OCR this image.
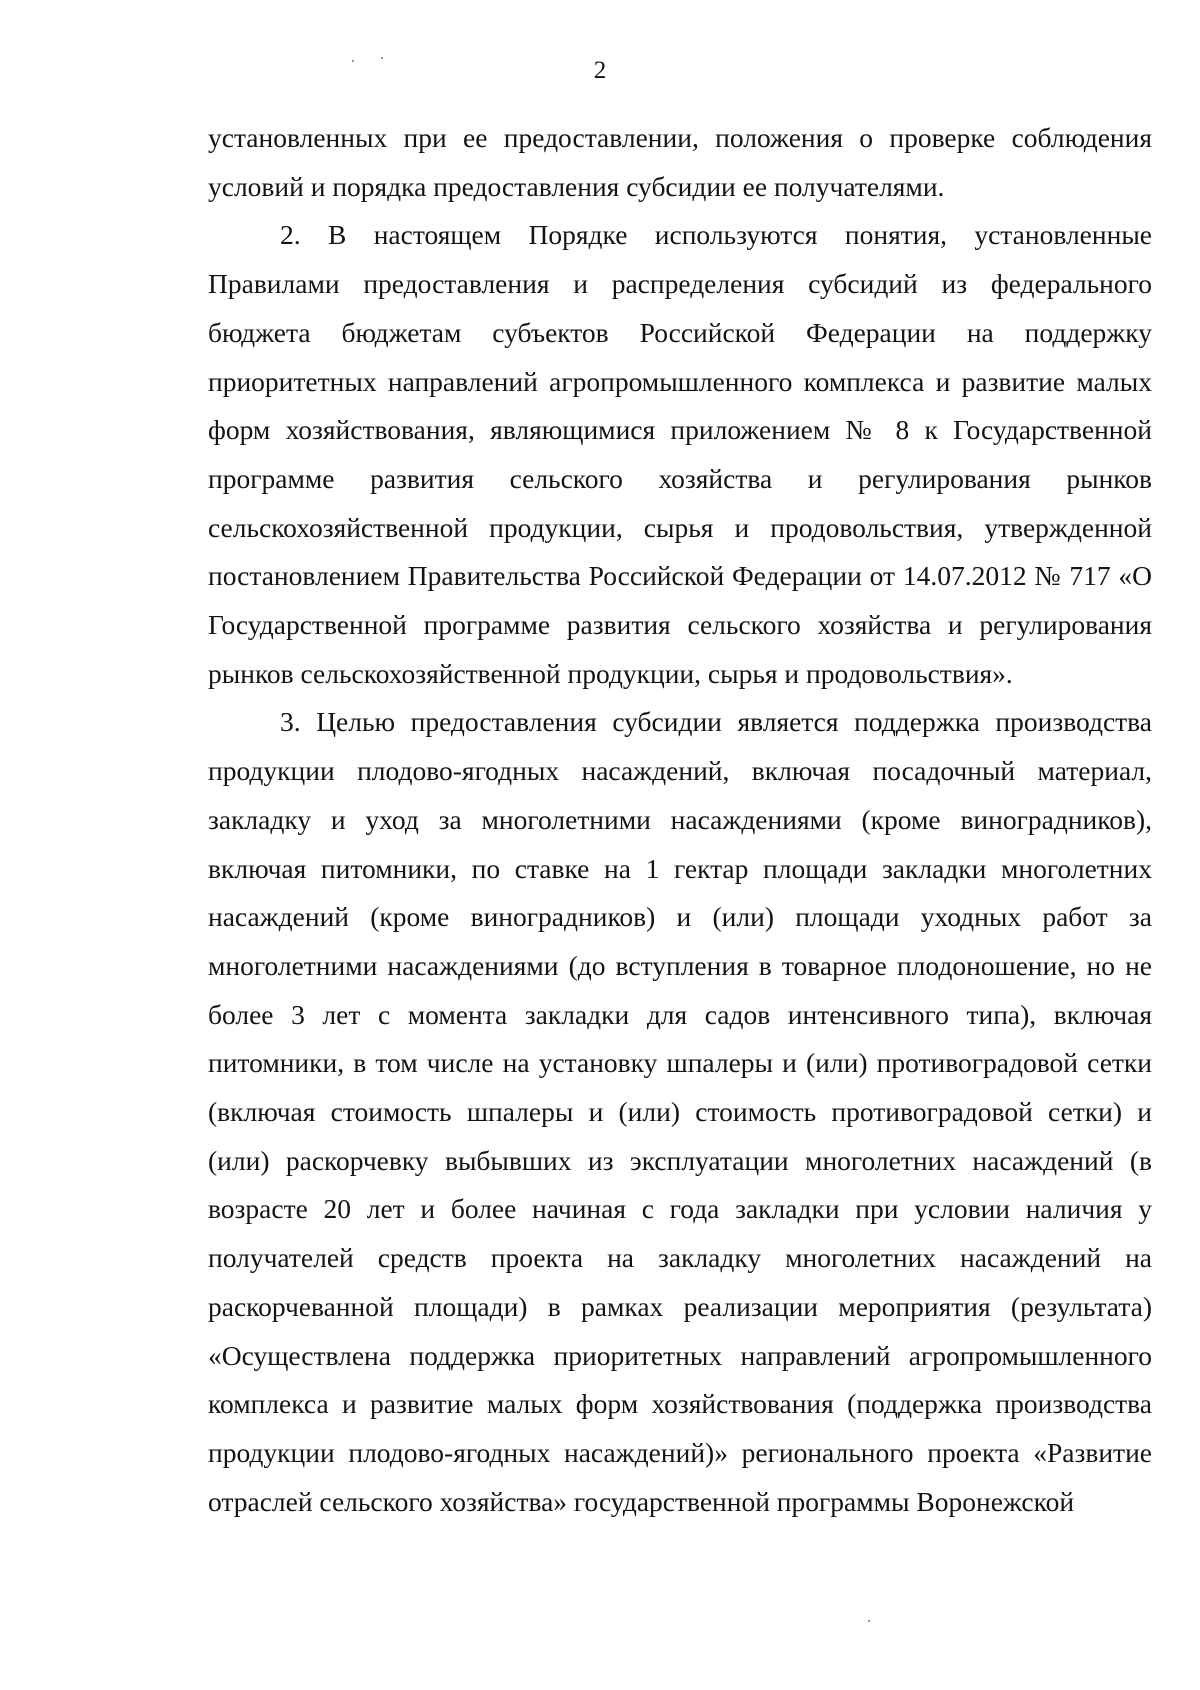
2

установленных при ее предоставлении, положения о проверке соблюдения условий и порядка предоставления субсидии ее получателями.

2. В настоящем Порядке используются понятия, установленные Правилами предоставления и распределения субсидий из федерального бюджета бюджетам субъектов Российской Федерации на поддержку приоритетных направлений агропромышленного комплекса и развитие малых форм хозяйствования, являющимися приложением № 8 к Государственной программе развития сельского хозяйства и регулирования рынков сельскохозяйственной продукции, сырья и продовольствия, утвержденной постановлением Правительства Российской Федерации от 14.07.2012 № 717 «О Государственной программе развития сельского хозяйства и регулирования рынков сельскохозяйственной продукции, сырья и продовольствия».

3. Целью предоставления субсидии является поддержка производства продукции плодово-ягодных насаждений, включая посадочный материал, закладку и уход за многолетними насаждениями (кроме виноградников), включая питомники, по ставке на 1 гектар площади закладки многолетних насаждений (кроме виноградников) и (или) площади уходных работ за многолетними насаждениями (до вступления в товарное плодоношение, но не более 3 лет с момента закладки для садов интенсивного типа), включая питомники, в том числе на установку шпалеры и (или) противоградовой сетки (включая стоимость шпалеры и (или) стоимость противоградовой сетки) и (или) раскорчевку выбывших из эксплуатации многолетних насаждений (в возрасте 20 лет и более начиная с года закладки при условии наличия у получателей средств проекта на закладку многолетних насаждений на раскорчеванной площади) в рамках реализации мероприятия (результата) «Осуществлена поддержка приоритетных направлений агропромышленного комплекса и развитие малых форм хозяйствования (поддержка производства продукции плодово-ягодных насаждений)» регионального проекта «Развитие отраслей сельского хозяйства» государственной программы Воронежской
